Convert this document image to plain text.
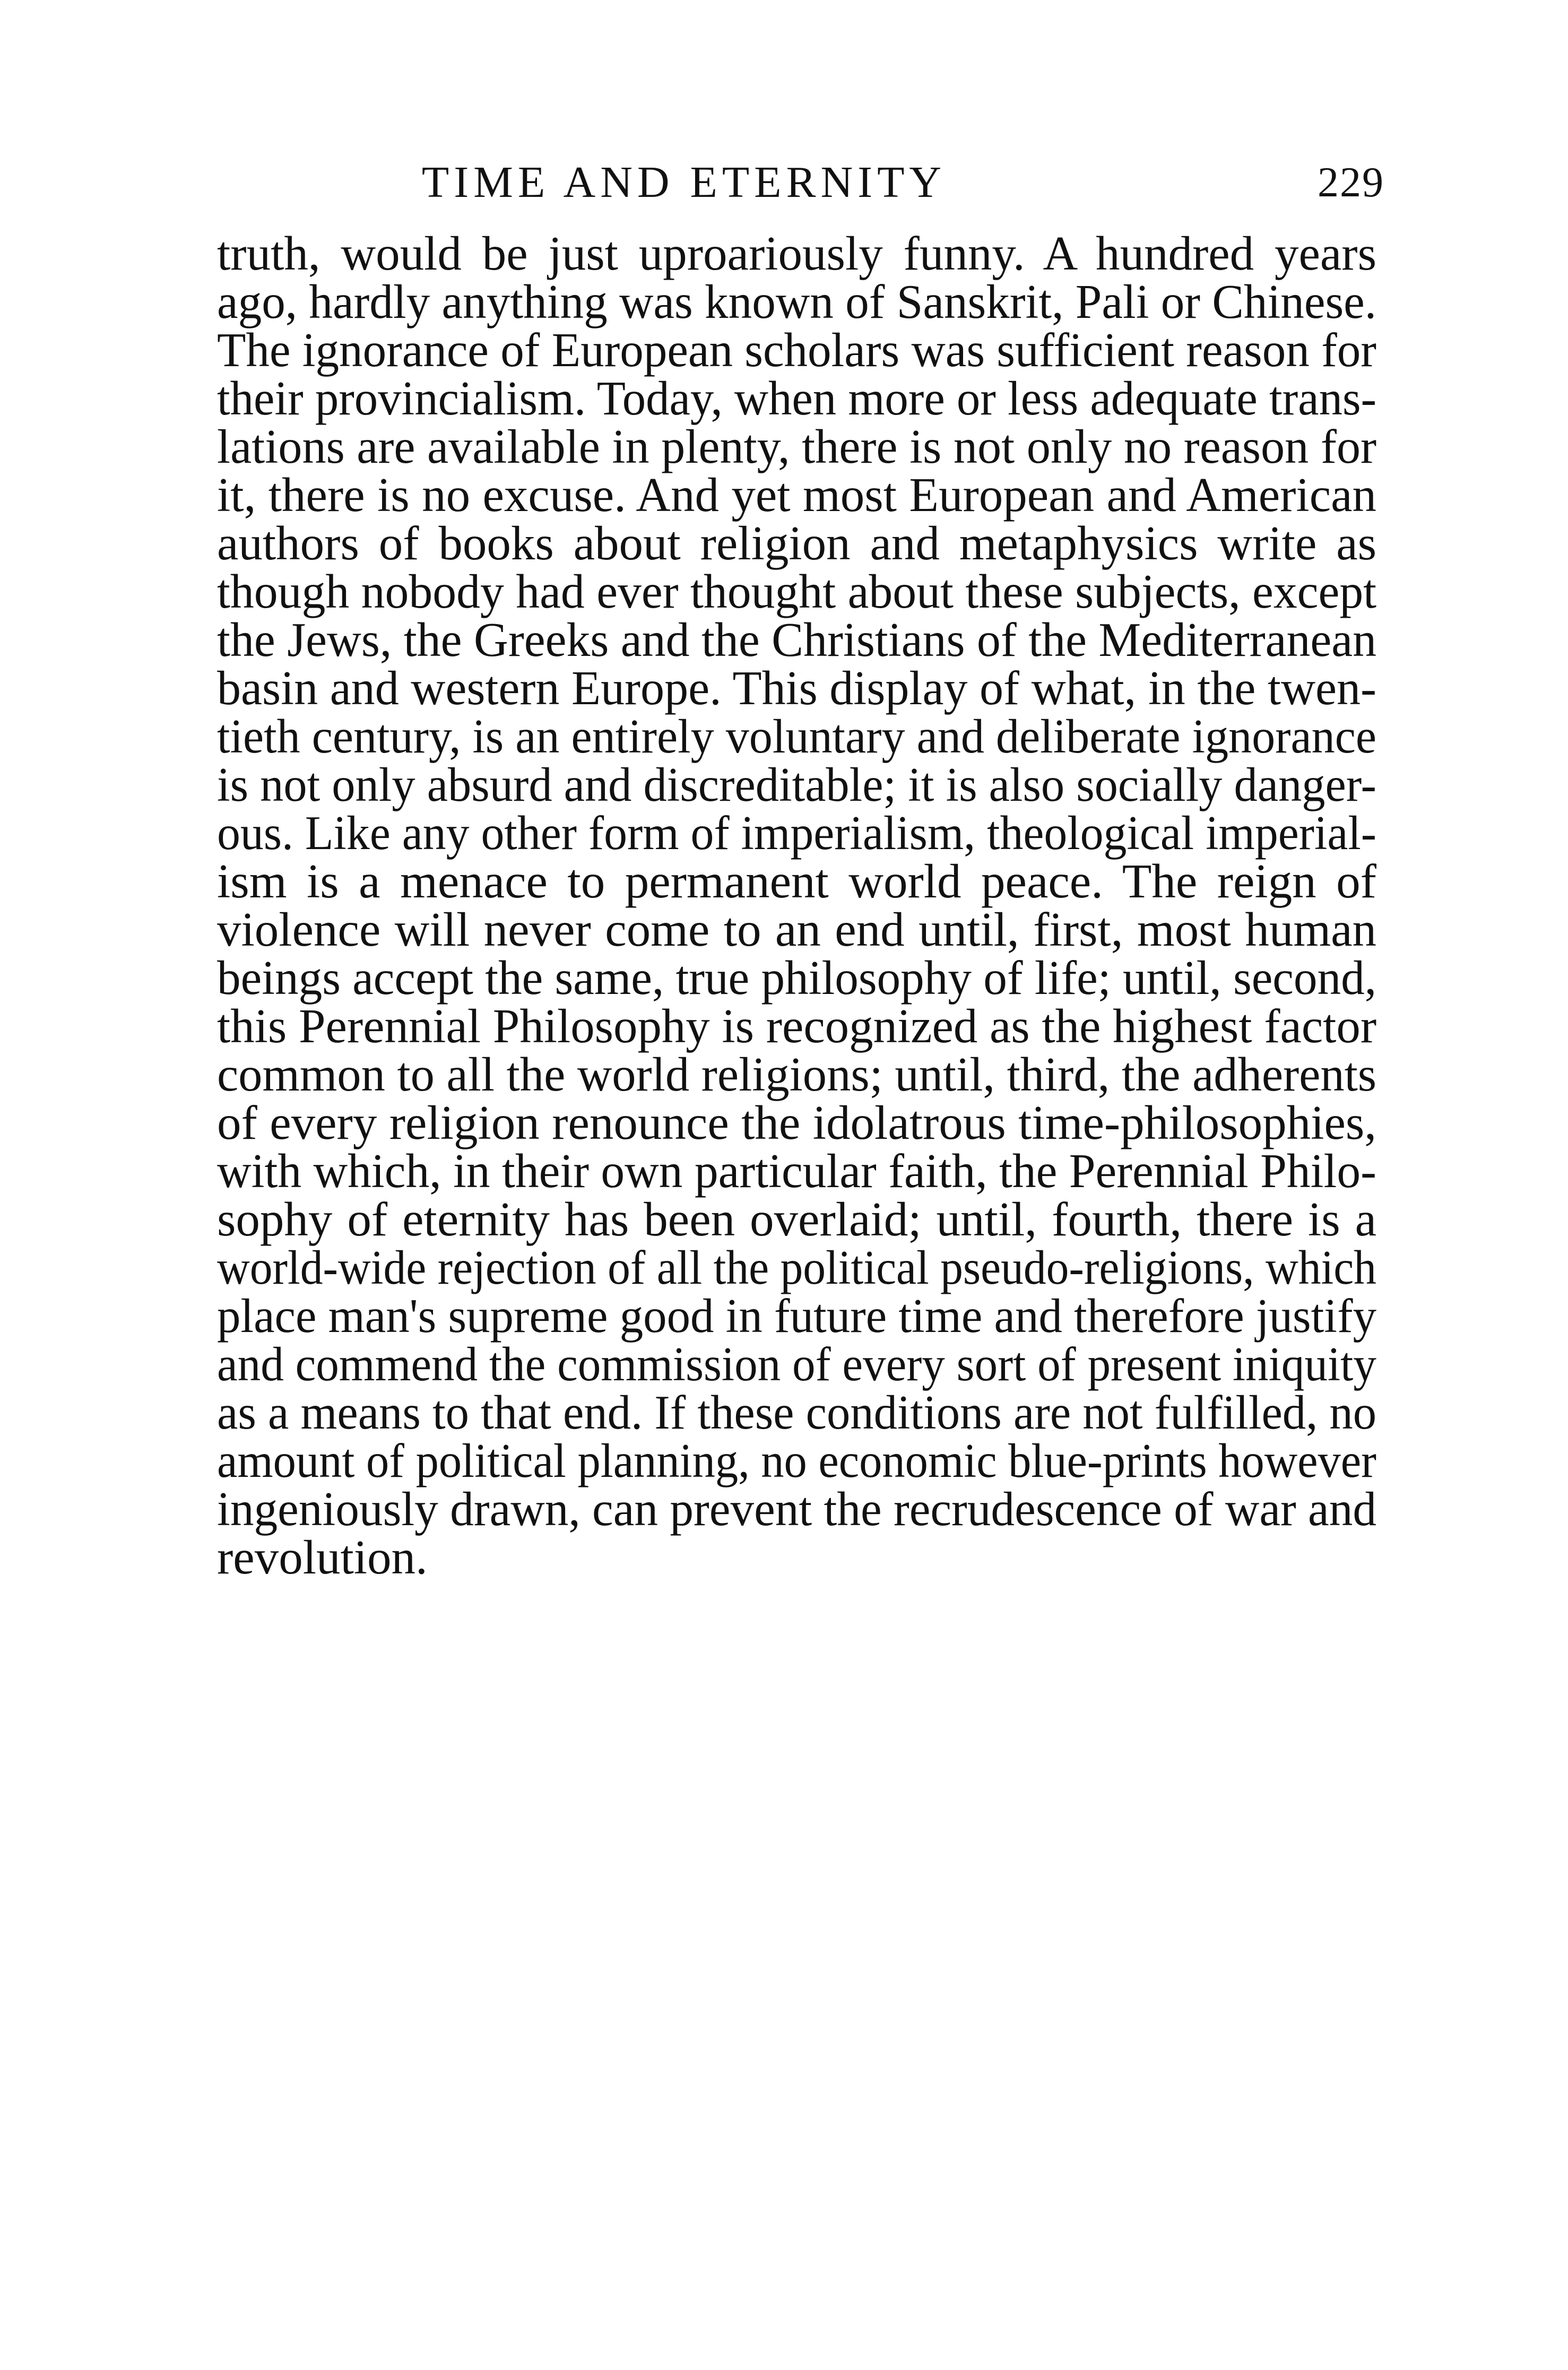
TIME AND ETERNITY	229
truth, would be just uproariously funny. A hundred years
ago, hardly anything was known of Sanskrit, Pali or Chinese.
The ignorance of European scholars was sufficient reason for
their provincialism. Today, when more or less adequate trans-
lations are available in plenty, there is not only no reason for
it, there is no excuse. And yet most European and American
authors of books about religion and metaphysics write as
though nobody had ever thought about these subjects, except
the Jews, the Greeks and the Christians of the Mediterranean
basin and western Europe. This display of what, in the twen-
tieth century, is an entirely voluntary and deliberate ignorance
is not only absurd and discreditable; it is also socially danger-
ous. Like any other form of imperialism, theological imperial-
ism is a menace to permanent world peace. The reign of
violence will never come to an end until, first, most human
beings accept the same, true philosophy of life; until, second,
this Perennial Philosophy is recognized as the highest factor
common to all the world religions; until, third, the adherents
of every religion renounce the idolatrous time-philosophies,
with which, in their own particular faith, the Perennial Philo-
sophy of eternity has been overlaid; until, fourth, there is a
world-wide rejection of all the political pseudo-religions, which
place man's supreme good in future time and therefore justify
and commend the commission of every sort of present iniquity
as a means to that end. If these conditions are not fulfilled, no
amount of political planning, no economic blue-prints however
ingeniously drawn, can prevent the recrudescence of war and
revolution.
